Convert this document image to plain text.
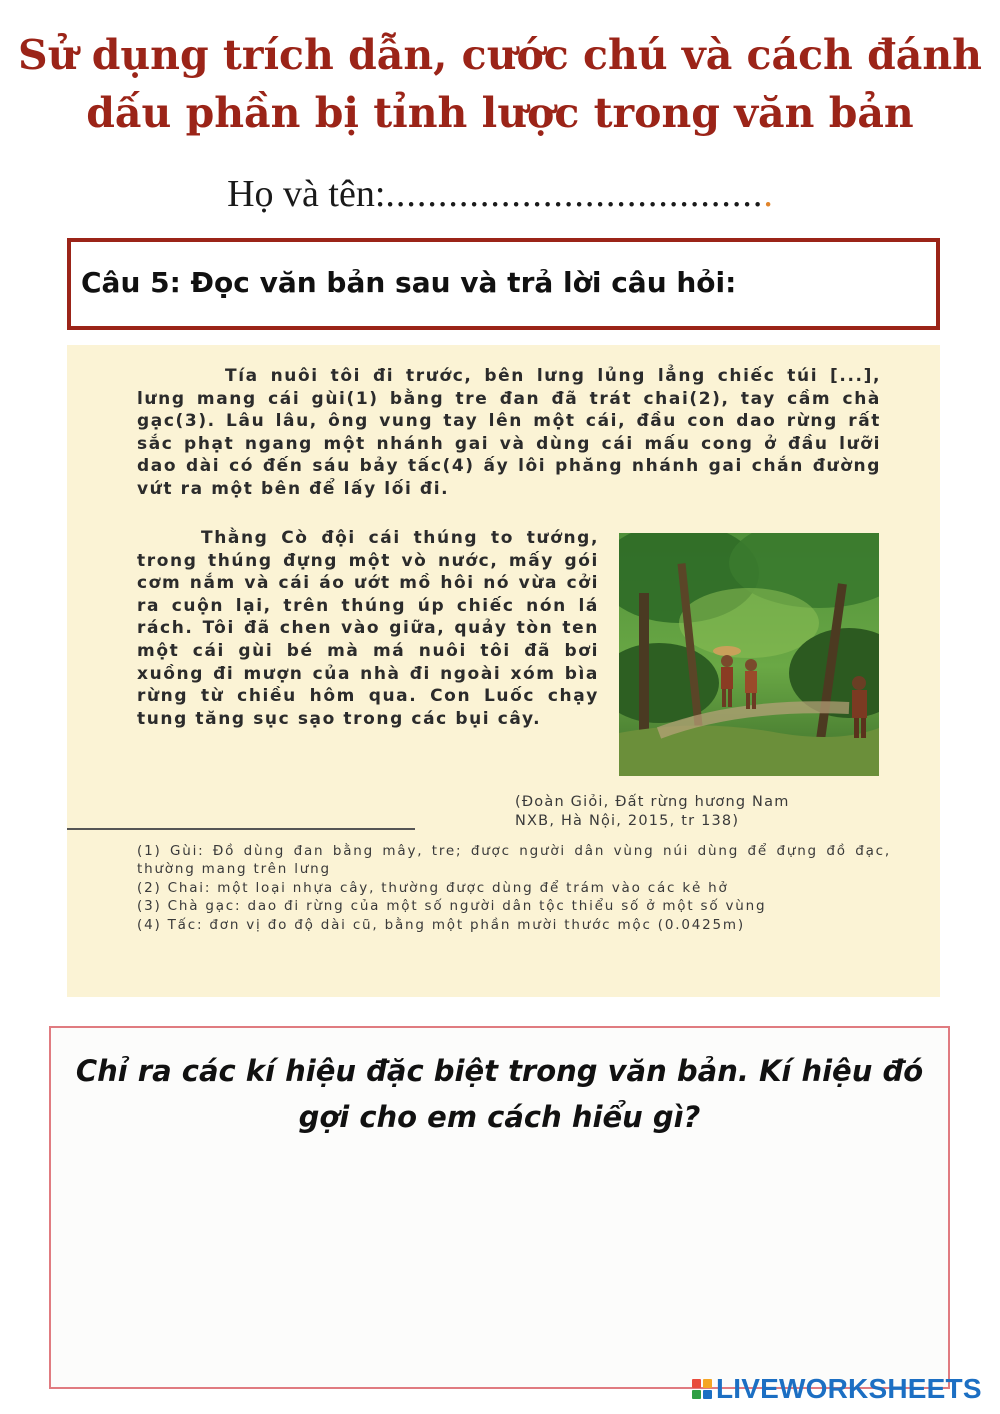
Sử dụng trích dẫn, cước chú và cách đánh
dấu phần bị tỉnh lược trong văn bản
Họ và tên:.....................................
Câu 5: Đọc văn bản sau và trả lời câu hỏi:

Tía nuôi tôi đi trước, bên lưng lủng lẳng chiếc túi [...], lưng mang cái gùi(1) bằng tre đan đã trát chai(2), tay cầm chà gạc(3). Lâu lâu, ông vung tay lên một cái, đầu con dao rừng rất sắc phạt ngang một nhánh gai và dùng cái mấu cong ở đầu lưỡi dao dài có đến sáu bảy tấc(4) ấy lôi phăng nhánh gai chắn đường vứt ra một bên để lấy lối đi.

Thằng Cò đội cái thúng to tướng, trong thúng đựng một vò nước, mấy gói cơm nắm và cái áo ướt mồ hôi nó vừa cởi ra cuộn lại, trên thúng úp chiếc nón lá rách. Tôi đã chen vào giữa, quảy tòn ten một cái gùi bé mà má nuôi tôi đã bơi xuồng đi mượn của nhà đi ngoài xóm bìa rừng từ chiều hôm qua. Con Luốc chạy tung tăng sục sạo trong các bụi cây.

(Đoàn Giỏi, Đất rừng hương Nam
NXB, Hà Nội, 2015, tr 138)

(1) Gùi: Đồ dùng đan bằng mây, tre; được người dân vùng núi dùng để đựng đồ đạc, thường mang trên lưng

(2) Chai: một loại nhựa cây, thường được dùng để trám vào các kẻ hở

(3) Chà gạc: dao đi rừng của một số người dân tộc thiểu số ở một số vùng

(4) Tấc: đơn vị đo độ dài cũ, bằng một phần mười thước mộc (0.0425m)

Chỉ ra các kí hiệu đặc biệt trong văn bản. Kí hiệu đó gợi cho em cách hiểu gì?
LIVEWORKSHEETS
